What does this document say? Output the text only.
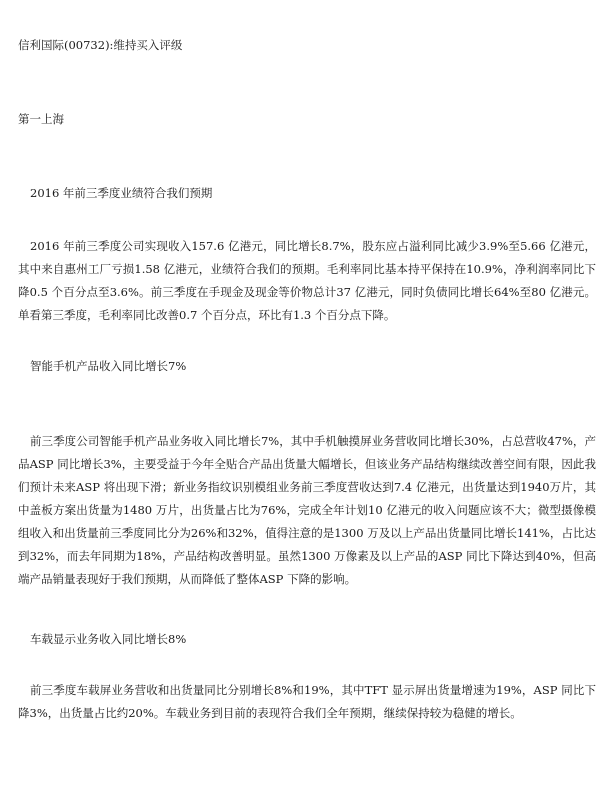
信利国际(00732):维持买入评级
第一上海
2016 年前三季度业绩符合我们预期

2016 年前三季度公司实现收入157.6 亿港元，同比增长8.7%，股东应占溢利同比减少3.9%至5.66 亿港元，其中来自惠州工厂亏损1.58 亿港元，业绩符合我们的预期。毛利率同比基本持平保持在10.9%，净利润率同比下降0.5 个百分点至3.6%。前三季度在手现金及现金等价物总计37 亿港元，同时负债同比增长64%至80 亿港元。单看第三季度，毛利率同比改善0.7 个百分点，环比有1.3 个百分点下降。

智能手机产品收入同比增长7%

前三季度公司智能手机产品业务收入同比增长7%，其中手机触摸屏业务营收同比增长30%，占总营收47%，产品ASP 同比增长3%，主要受益于今年全贴合产品出货量大幅增长，但该业务产品结构继续改善空间有限，因此我们预计未来ASP 将出现下滑；新业务指纹识别模组业务前三季度营收达到7.4 亿港元，出货量达到1940万片，其中盖板方案出货量为1480 万片，出货量占比为76%，完成全年计划10 亿港元的收入问题应该不大；微型摄像模组收入和出货量前三季度同比分为26%和32%，值得注意的是1300 万及以上产品出货量同比增长141%，占比达到32%，而去年同期为18%，产品结构改善明显。虽然1300 万像素及以上产品的ASP 同比下降达到40%，但高端产品销量表现好于我们预期，从而降低了整体ASP 下降的影响。

车载显示业务收入同比增长8%

前三季度车载屏业务营收和出货量同比分别增长8%和19%，其中TFT 显示屏出货量增速为19%，ASP 同比下降3%，出货量占比约20%。车载业务到目前的表现符合我们全年预期，继续保持较为稳健的增长。
